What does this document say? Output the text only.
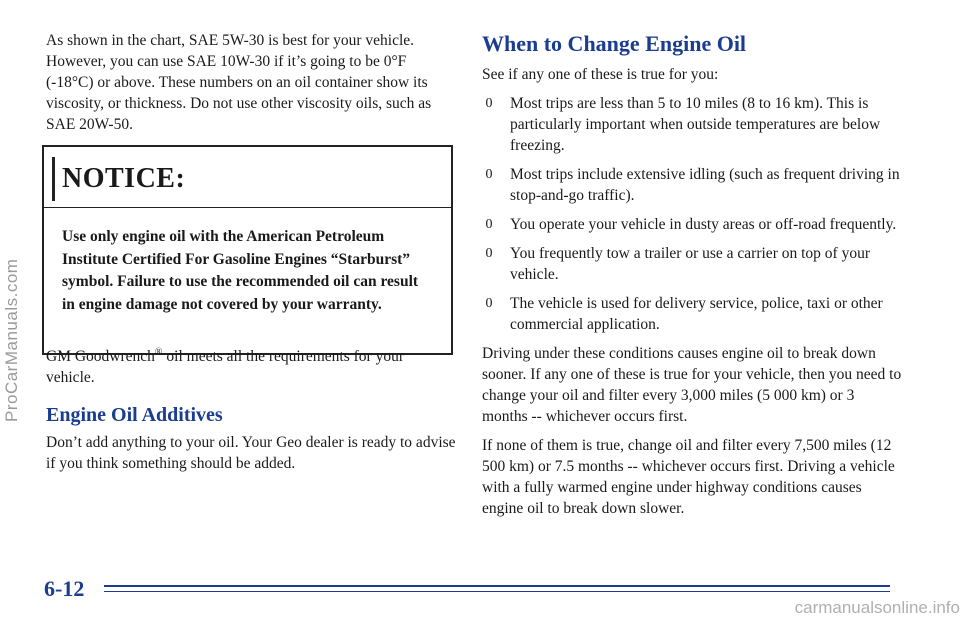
As shown in the chart, SAE 5W-30 is best for your vehicle. However, you can use SAE 10W-30 if it’s going to be 0°F (-18°C) or above. These numbers on an oil container show its viscosity, or thickness. Do not use other viscosity oils, such as SAE 20W-50.

NOTICE:
Use only engine oil with the American Petroleum Institute Certified For Gasoline Engines “Starburst” symbol. Failure to use the recommended oil can result in engine damage not covered by your warranty.

GM Goodwrench® oil meets all the requirements for your vehicle.

Engine Oil Additives

Don’t add anything to your oil. Your Geo dealer is ready to advise if you think something should be added.

When to Change Engine Oil

See if any one of these is true for you:

0 Most trips are less than 5 to 10 miles (8 to 16 km). This is particularly important when outside temperatures are below freezing.
0 Most trips include extensive idling (such as frequent driving in stop-and-go traffic).
0 You operate your vehicle in dusty areas or off-road frequently.
0 You frequently tow a trailer or use a carrier on top of your vehicle.
0 The vehicle is used for delivery service, police, taxi or other commercial application.

Driving under these conditions causes engine oil to break down sooner. If any one of these is true for your vehicle, then you need to change your oil and filter every 3,000 miles (5 000 km) or 3 months -- whichever occurs first.

If none of them is true, change oil and filter every 7,500 miles (12 500 km) or 7.5 months -- whichever occurs first. Driving a vehicle with a fully warmed engine under highway conditions causes engine oil to break down slower.

6-12
ProCarManuals.com
carmanualsonline.info
